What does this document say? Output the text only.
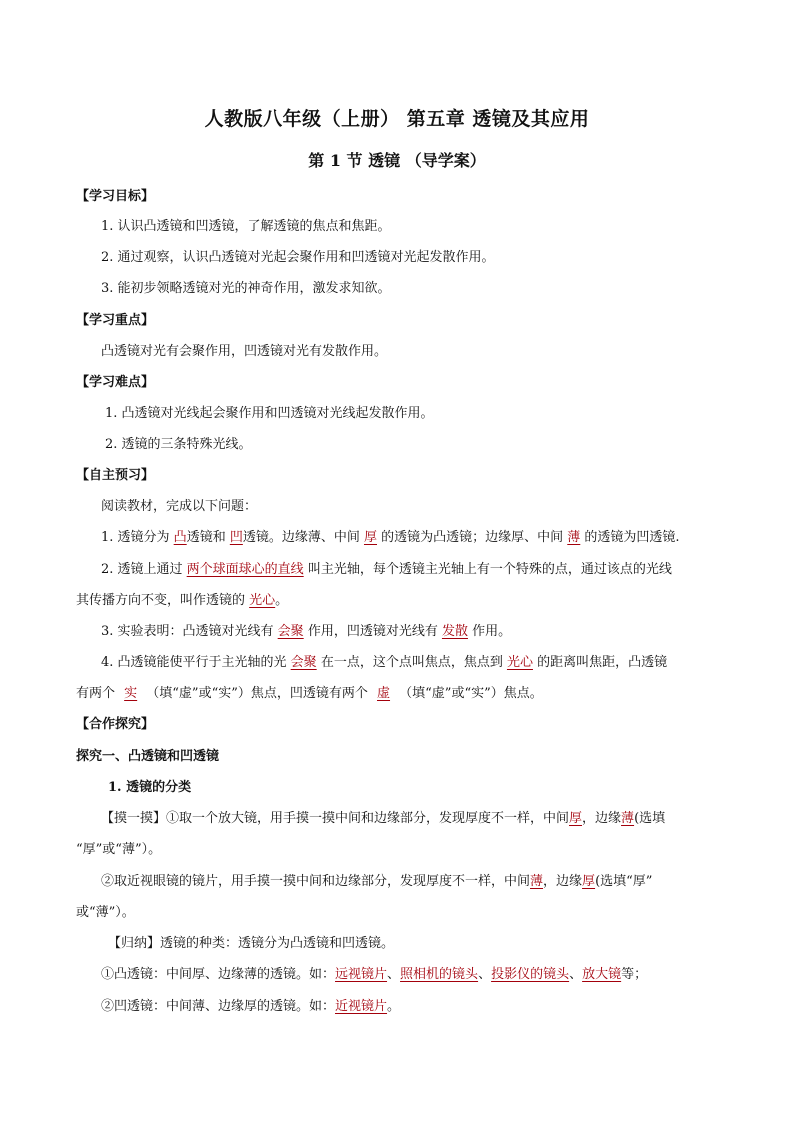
人教版八年级（上册） 第五章 透镜及其应用
第 1 节 透镜 （导学案）
【学习目标】
1. 认识凸透镜和凹透镜，了解透镜的焦点和焦距。
2. 通过观察，认识凸透镜对光起会聚作用和凹透镜对光起发散作用。
3. 能初步领略透镜对光的神奇作用，激发求知欲。
【学习重点】
凸透镜对光有会聚作用，凹透镜对光有发散作用。
【学习难点】
1. 凸透镜对光线起会聚作用和凹透镜对光线起发散作用。
2. 透镜的三条特殊光线。
【自主预习】
阅读教材，完成以下问题：
1. 透镜分为 凸透镜和 凹透镜。边缘薄、中间 厚 的透镜为凸透镜；边缘厚、中间 薄 的透镜为凹透镜.
2. 透镜上通过 两个球面球心的直线 叫主光轴，每个透镜主光轴上有一个特殊的点，通过该点的光线
其传播方向不变，叫作透镜的 光心。
3. 实验表明：凸透镜对光线有 会聚 作用，凹透镜对光线有 发散 作用。
4. 凸透镜能使平行于主光轴的光 会聚 在一点，这个点叫焦点，焦点到 光心 的距离叫焦距，凸透镜
有两个 实 （填“虚”或“实”）焦点，凹透镜有两个 虚 （填“虚”或“实”）焦点。
【合作探究】
探究一、凸透镜和凹透镜
1. 透镜的分类
【摸一摸】①取一个放大镜，用手摸一摸中间和边缘部分，发现厚度不一样，中间厚，边缘薄(选填
“厚”或“薄”）。
②取近视眼镜的镜片，用手摸一摸中间和边缘部分，发现厚度不一样，中间薄，边缘厚(选填“厚”
或“薄”）。
【归纳】透镜的种类：透镜分为凸透镜和凹透镜。
①凸透镜：中间厚、边缘薄的透镜。如：远视镜片、照相机的镜头、投影仪的镜头、放大镜等；
②凹透镜：中间薄、边缘厚的透镜。如：近视镜片。
